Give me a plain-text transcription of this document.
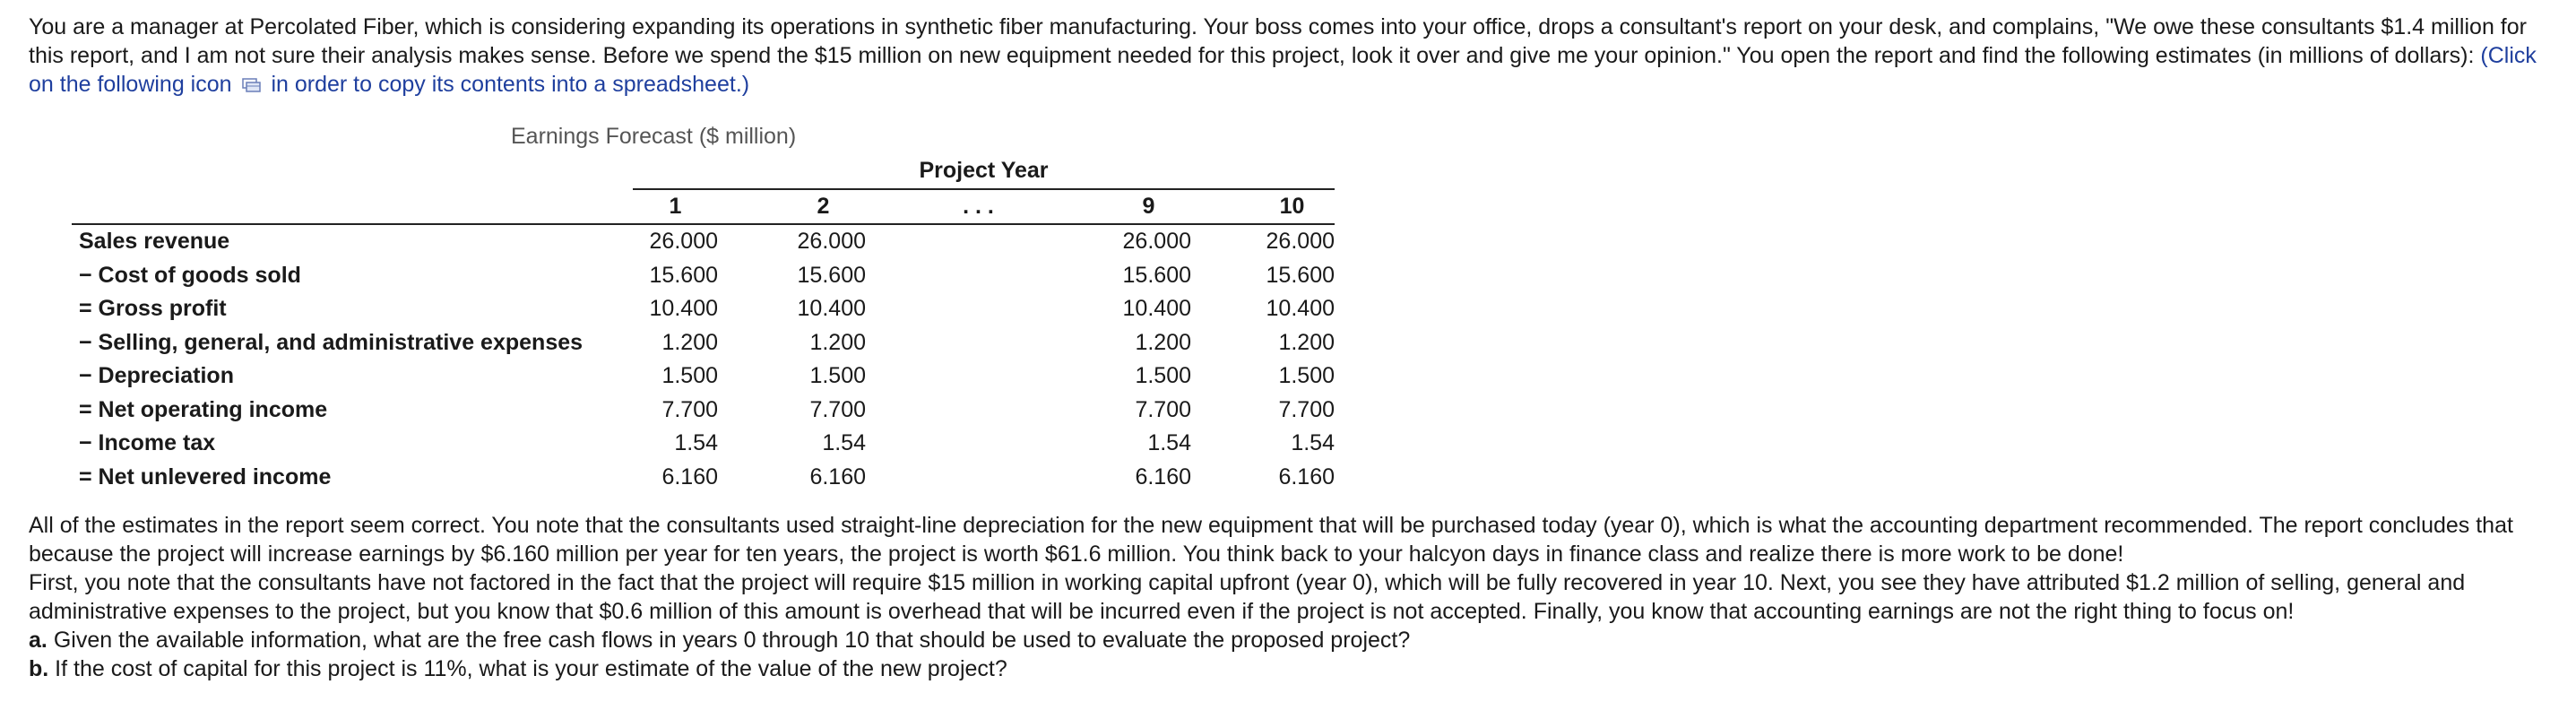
You are a manager at Percolated Fiber, which is considering expanding its operations in synthetic fiber manufacturing. Your boss comes into your office, drops a consultant's report on your desk, and complains, "We owe these consultants $1.4 million for this report, and I am not sure their analysis makes sense. Before we spend the $15 million on new equipment needed for this project, look it over and give me your opinion." You open the report and find the following estimates (in millions of dollars): (Click on the following icon in order to copy its contents into a spreadsheet.)
Earnings Forecast ($ million)
	Project Year								
	1		2		. . .		9		10
Sales revenue	26.000		26.000				26.000		26.000
− Cost of goods sold	15.600		15.600				15.600		15.600
= Gross profit	10.400		10.400				10.400		10.400
− Selling, general, and administrative expenses	1.200		1.200				1.200		1.200
− Depreciation	1.500		1.500				1.500		1.500
= Net operating income	7.700		7.700				7.700		7.700
− Income tax	1.54		1.54				1.54		1.54
= Net unlevered income	6.160		6.160				6.160		6.160

All of the estimates in the report seem correct. You note that the consultants used straight-line depreciation for the new equipment that will be purchased today (year 0), which is what the accounting department recommended. The report concludes that because the project will increase earnings by $6.160 million per year for ten years, the project is worth $61.6 million. You think back to your halcyon days in finance class and realize there is more work to be done!

First, you note that the consultants have not factored in the fact that the project will require $15 million in working capital upfront (year 0), which will be fully recovered in year 10. Next, you see they have attributed $1.2 million of selling, general and administrative expenses to the project, but you know that $0.6 million of this amount is overhead that will be incurred even if the project is not accepted. Finally, you know that accounting earnings are not the right thing to focus on!

a. Given the available information, what are the free cash flows in years 0 through 10 that should be used to evaluate the proposed project?

b. If the cost of capital for this project is 11%, what is your estimate of the value of the new project?
